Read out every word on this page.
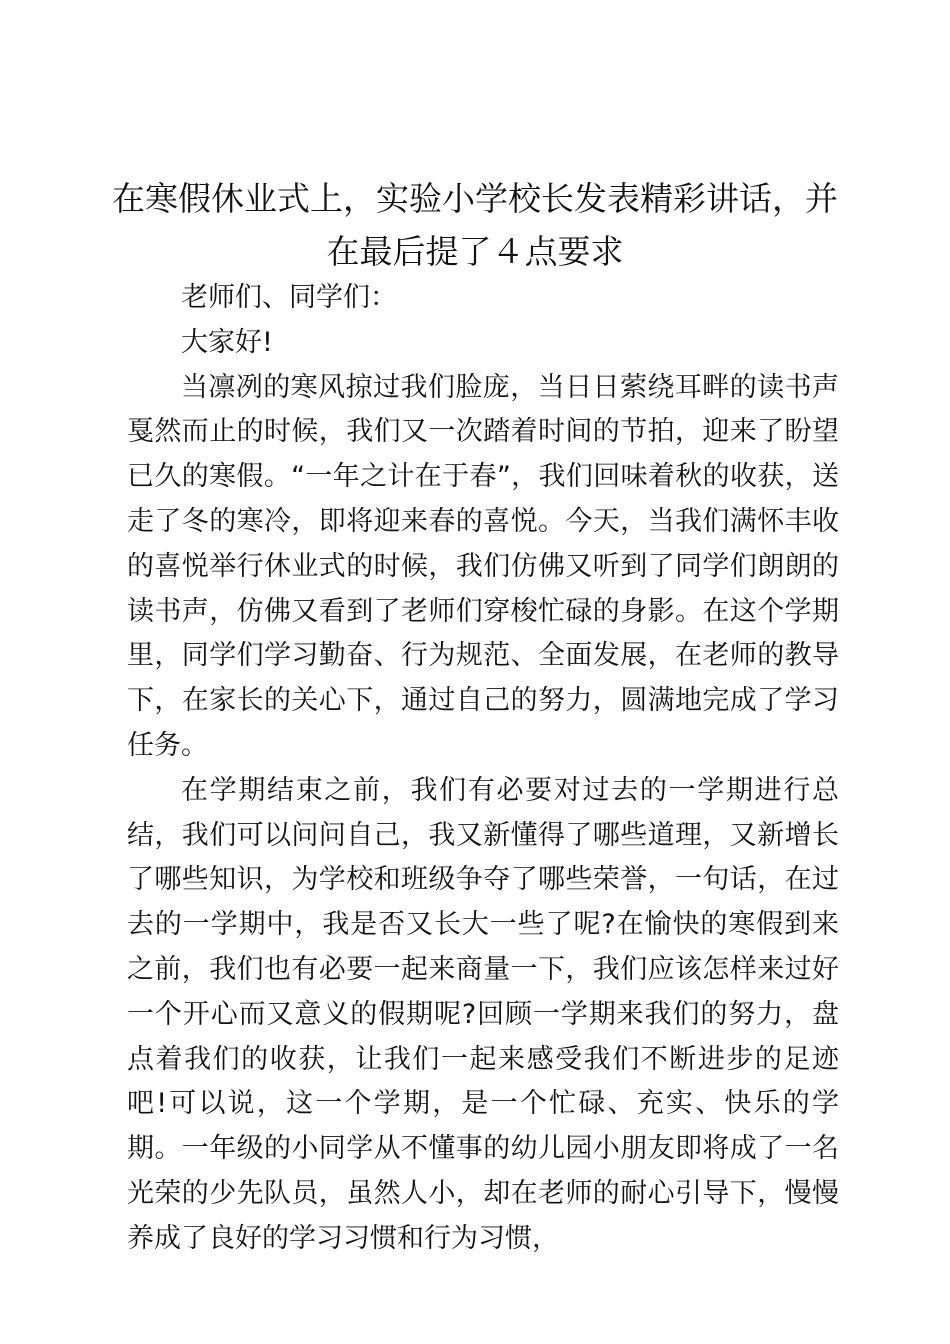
在寒假休业式上，实验小学校长发表精彩讲话，并在最后提了４点要求

老师们、同学们：

大家好!

当凛冽的寒风掠过我们脸庞，当日日萦绕耳畔的读书声戛然而止的时候，我们又一次踏着时间的节拍，迎来了盼望已久的寒假。“一年之计在于春”，我们回味着秋的收获，送走了冬的寒冷，即将迎来春的喜悦。今天，当我们满怀丰收的喜悦举行休业式的时候，我们仿佛又听到了同学们朗朗的读书声，仿佛又看到了老师们穿梭忙碌的身影。在这个学期里，同学们学习勤奋、行为规范、全面发展，在老师的教导下，在家长的关心下，通过自己的努力，圆满地完成了学习任务。

在学期结束之前，我们有必要对过去的一学期进行总结，我们可以问问自己，我又新懂得了哪些道理，又新增长了哪些知识，为学校和班级争夺了哪些荣誉，一句话，在过去的一学期中，我是否又长大一些了呢?在愉快的寒假到来之前，我们也有必要一起来商量一下，我们应该怎样来过好一个开心而又意义的假期呢?回顾一学期来我们的努力，盘点着我们的收获，让我们一起来感受我们不断进步的足迹吧!可以说，这一个学期，是一个忙碌、充实、快乐的学期。一年级的小同学从不懂事的幼儿园小朋友即将成了一名光荣的少先队员，虽然人小，却在老师的耐心引导下，慢慢养成了良好的学习习惯和行为习惯，
